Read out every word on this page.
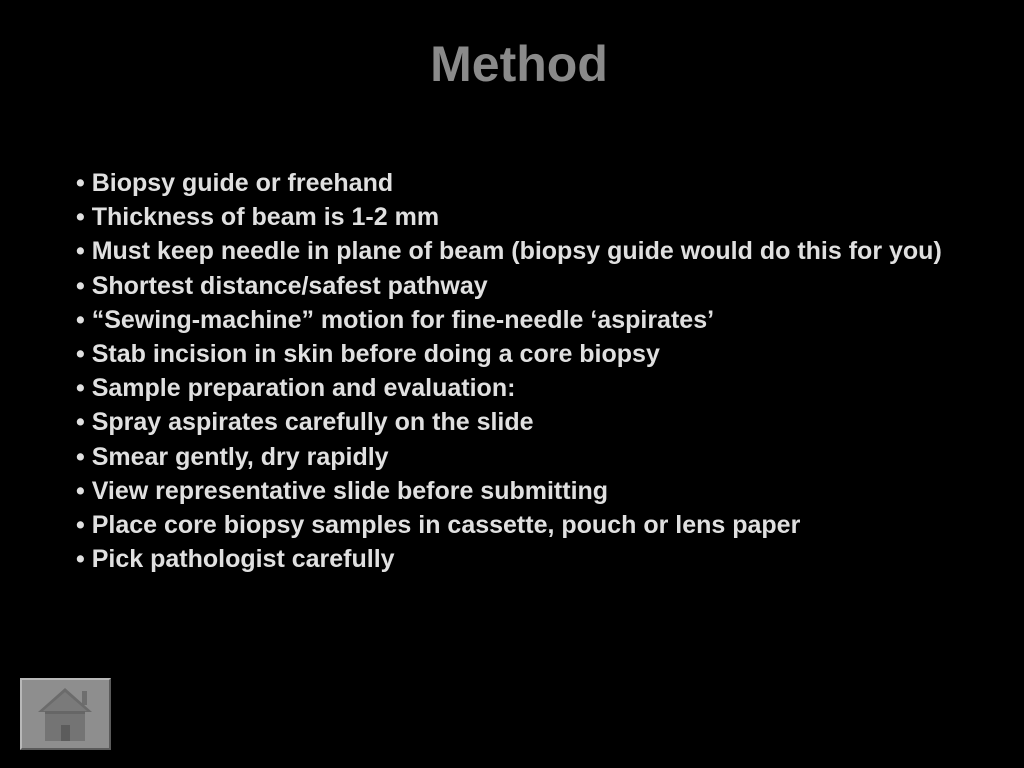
Method
• Biopsy guide or freehand
• Thickness of beam is 1-2 mm
• Must keep needle in plane of beam (biopsy guide would do this for you)
• Shortest distance/safest pathway
• “Sewing-machine” motion for fine-needle ‘aspirates’
• Stab incision in skin before doing a core biopsy
• Sample preparation and evaluation:
• Spray aspirates carefully on the slide
• Smear gently, dry rapidly
• View representative slide before submitting
• Place core biopsy samples in cassette, pouch or lens paper
• Pick pathologist carefully
